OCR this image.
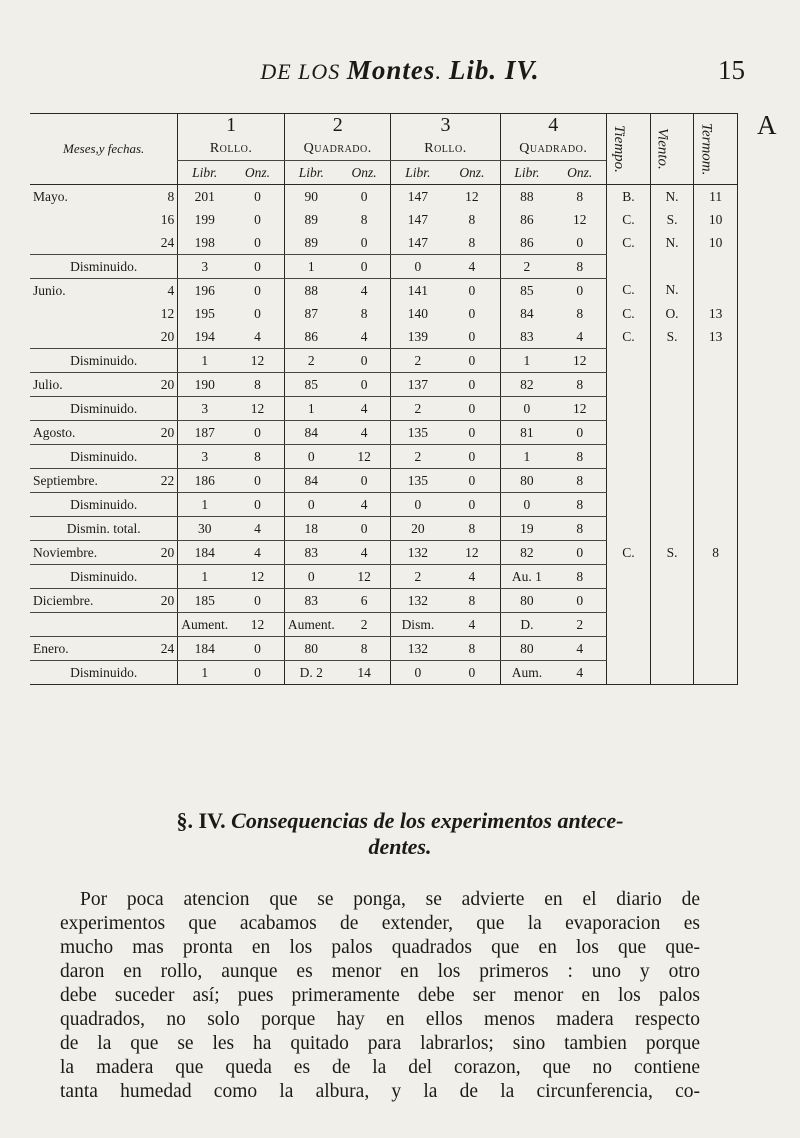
DE LOS Montes. Lib. IV.	15
A
Meses,y fechas.		1		2		3		4		Tiempo.	Viento.	Termom.

		Rollo.		Quadrado.		Rollo.		Quadrado.				
		Libr.	Onz.	Libr.	Onz.	Libr.	Onz.	Libr.	Onz.			
Mayo.	8	201	0	90	0	147	12	88	8	B.	N.	11
	16	199	0	89	8	147	8	86	12	C.	S.	10
	24	198	0	89	0	147	8	86	0	C.	N.	10
Disminuido.		3	0	1	0	0	4	2	8			
Junio.	4	196	0	88	4	141	0	85	0	C.	N.	
	12	195	0	87	8	140	0	84	8	C.	O.	13
	20	194	4	86	4	139	0	83	4	C.	S.	13
Disminuido.		1	12	2	0	2	0	1	12			
Julio.	20	190	8	85	0	137	0	82	8			
Disminuido.		3	12	1	4	2	0	0	12			
Agosto.	20	187	0	84	4	135	0	81	0			
Disminuido.		3	8	0	12	2	0	1	8			
Septiembre.	22	186	0	84	0	135	0	80	8			
Disminuido.		1	0	0	4	0	0	0	8			
Dismin. total.		30	4	18	0	20	8	19	8			
Noviembre.	20	184	4	83	4	132	12	82	0	C.	S.	8
Disminuido.		1	12	0	12	2	4	Au. 1	8			
Diciembre.	20	185	0	83	6	132	8	80	0			
		Aument.	12	Aument.	2	Dism.	4	D.	2			
Enero.	24	184	0	80	8	132	8	80	4			
Disminuido.		1	0	D. 2	14	0	0	Aum.	4			
§. IV. Consequencias de los experimentos antece-
dentes.

Por poca atencion que se ponga, se advierte en el diario de

experimentos que acabamos de extender, que la evaporacion es

mucho mas pronta en los palos quadrados que en los que que-

daron en rollo, aunque es menor en los primeros : uno y otro

debe suceder así; pues primeramente debe ser menor en los palos

quadrados, no solo porque hay en ellos menos madera respecto

de la que se les ha quitado para labrarlos; sino tambien porque

la madera que queda es de la del corazon, que no contiene

tanta humedad como la albura, y la de la circunferencia, co-
